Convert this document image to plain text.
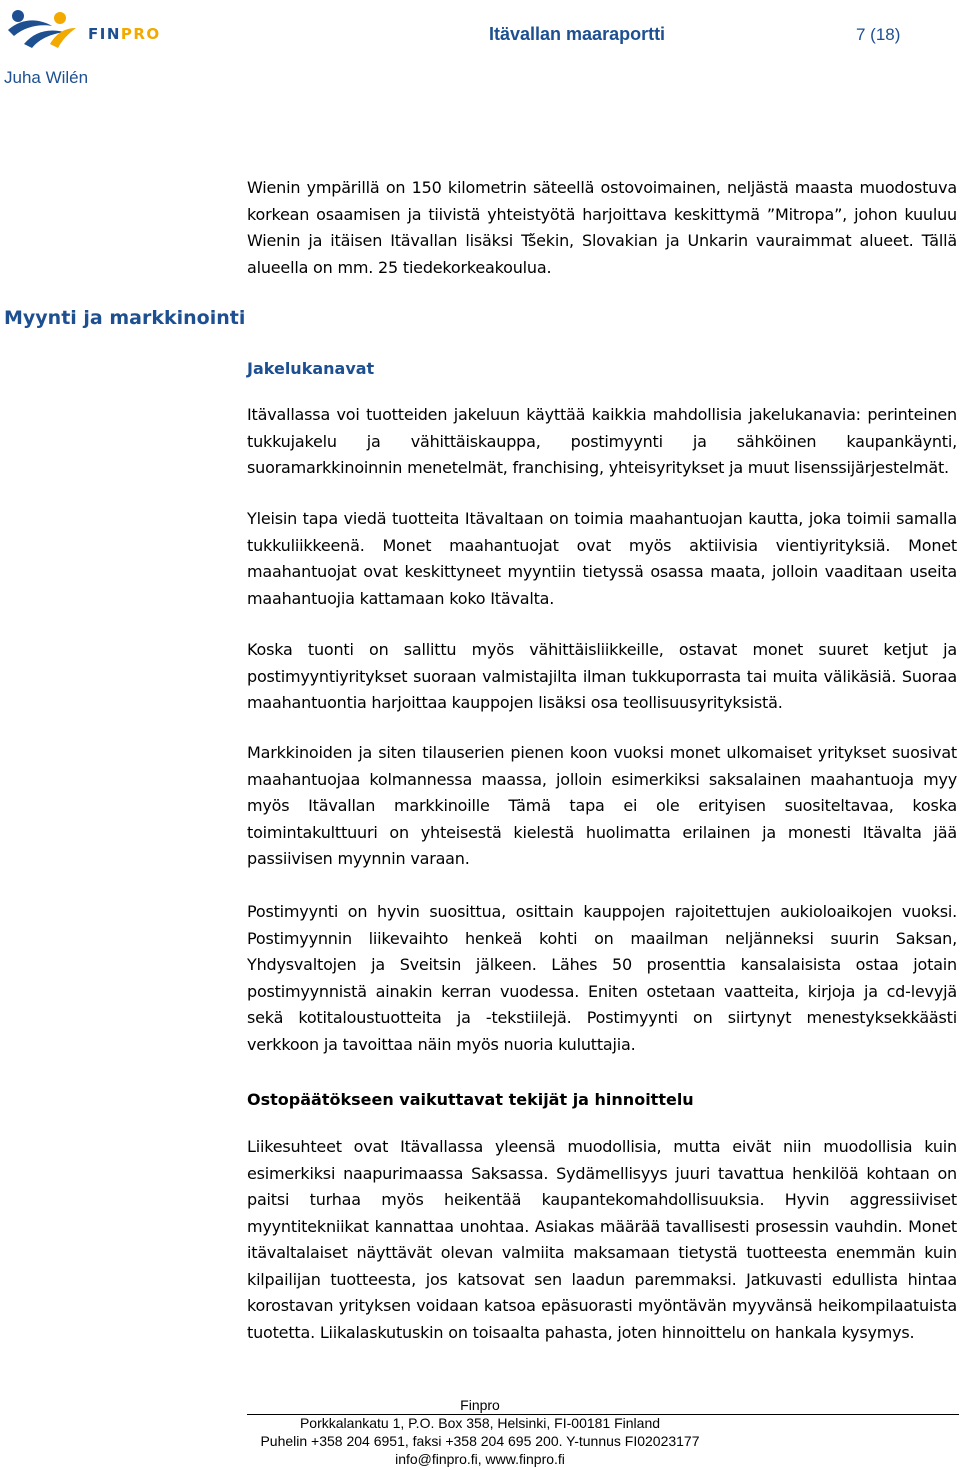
FINPRO	Itävallan maaraportti	7 (18)
Juha Wilén
Myynti ja markkinointi

Wienin ympärillä on 150 kilometrin säteellä ostovoimainen, neljästä maasta muodostuva korkean osaamisen ja tiivistä yhteistyötä harjoittava keskittymä ”Mitropa”, johon kuuluu Wienin ja itäisen Itävallan lisäksi Tšekin, Slovakian ja Unkarin vauraimmat alueet. Tällä alueella on mm. 25 tiedekorkeakoulua.

Jakelukanavat

Itävallassa voi tuotteiden jakeluun käyttää kaikkia mahdollisia jakelukanavia: perinteinen tukkujakelu ja vähittäiskauppa, postimyynti ja sähköinen kaupankäynti, suoramarkkinoinnin menetelmät, franchising, yhteisyritykset ja muut lisenssijärjestelmät.

Yleisin tapa viedä tuotteita Itävaltaan on toimia maahantuojan kautta, joka toimii samalla tukkuliikkeenä. Monet maahantuojat ovat myös aktiivisia vientiyrityksiä. Monet maahantuojat ovat keskittyneet myyntiin tietyssä osassa maata, jolloin vaaditaan useita maahantuojia kattamaan koko Itävalta.

Koska tuonti on sallittu myös vähittäisliikkeille, ostavat monet suuret ketjut ja postimyyntiyritykset suoraan valmistajilta ilman tukkuporrasta tai muita välikäsiä. Suoraa maahantuontia harjoittaa kauppojen lisäksi osa teollisuusyrityksistä.

Markkinoiden ja siten tilauserien pienen koon vuoksi monet ulkomaiset yritykset suosivat maahantuojaa kolmannessa maassa, jolloin esimerkiksi saksalainen maahantuoja myy myös Itävallan markkinoille Tämä tapa ei ole erityisen suositeltavaa, koska toimintakulttuuri on yhteisestä kielestä huolimatta erilainen ja monesti Itävalta jää passiivisen myynnin varaan.

Postimyynti on hyvin suosittua, osittain kauppojen rajoitettujen aukioloaikojen vuoksi. Postimyynnin liikevaihto henkeä kohti on maailman neljänneksi suurin Saksan, Yhdysvaltojen ja Sveitsin jälkeen. Lähes 50 prosenttia kansalaisista ostaa jotain postimyynnistä ainakin kerran vuodessa. Eniten ostetaan vaatteita, kirjoja ja cd-levyjä sekä kotitaloustuotteita ja -tekstiilejä. Postimyynti on siirtynyt menestyksekkäästi verkkoon ja tavoittaa näin myös nuoria kuluttajia.

Ostopäätökseen vaikuttavat tekijät ja hinnoittelu

Liikesuhteet ovat Itävallassa yleensä muodollisia, mutta eivät niin muodollisia kuin esimerkiksi naapurimaassa Saksassa. Sydämellisyys juuri tavattua henkilöä kohtaan on paitsi turhaa myös heikentää kaupantekomahdollisuuksia. Hyvin aggressiiviset myyntitekniikat kannattaa unohtaa. Asiakas määrää tavallisesti prosessin vauhdin. Monet itävaltalaiset näyttävät olevan valmiita maksamaan tietystä tuotteesta enemmän kuin kilpailijan tuotteesta, jos katsovat sen laadun paremmaksi. Jatkuvasti edullista hintaa korostavan yrityksen voidaan katsoa epäsuorasti myöntävän myyvänsä heikompilaatuista tuotetta. Liikalaskutuskin on toisaalta pahasta, joten hinnoittelu on hankala kysymys.

Finpro
Porkkalankatu 1, P.O. Box 358, Helsinki, FI-00181 Finland
Puhelin +358 204 6951, faksi +358 204 695 200. Y-tunnus FI02023177
info@finpro.fi, www.finpro.fi
